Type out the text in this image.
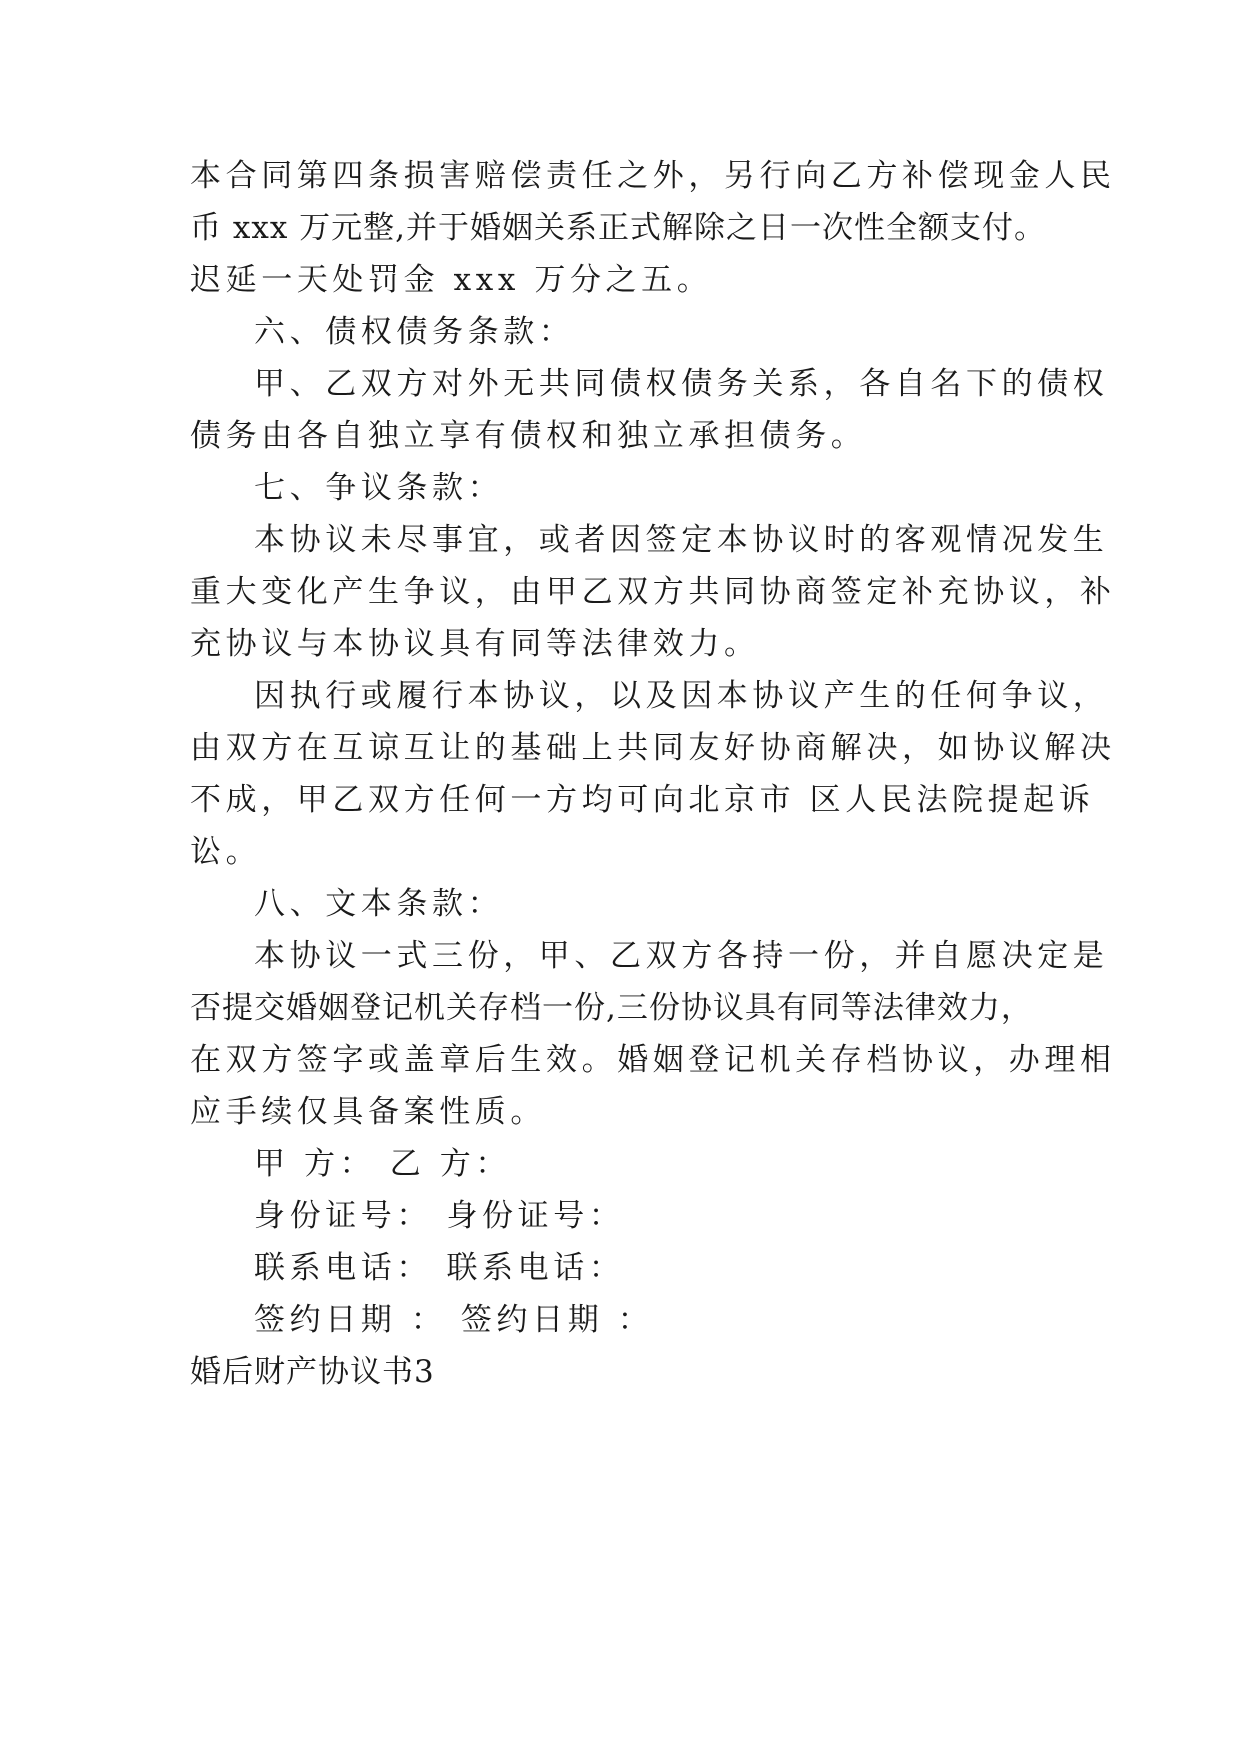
本合同第四条损害赔偿责任之外，另行向乙方补偿现金人民
币 xxx 万元整,并于婚姻关系正式解除之日一次性全额支付。
迟延一天处罚金 xxx 万分之五。
六、债权债务条款：
甲、乙双方对外无共同债权债务关系，各自名下的债权
债务由各自独立享有债权和独立承担债务。
七、争议条款：
本协议未尽事宜，或者因签定本协议时的客观情况发生
重大变化产生争议，由甲乙双方共同协商签定补充协议，补
充协议与本协议具有同等法律效力。
因执行或履行本协议，以及因本协议产生的任何争议，
由双方在互谅互让的基础上共同友好协商解决，如协议解决
不成，甲乙双方任何一方均可向北京市 区人民法院提起诉
讼。
八、文本条款：
本协议一式三份，甲、乙双方各持一份，并自愿决定是
否提交婚姻登记机关存档一份,三份协议具有同等法律效力，
在双方签字或盖章后生效。婚姻登记机关存档协议，办理相
应手续仅具备案性质。
甲 方： 乙 方：
身份证号： 身份证号：
联系电话： 联系电话：
签约日期 ： 签约日期 ：
婚后财产协议书3
